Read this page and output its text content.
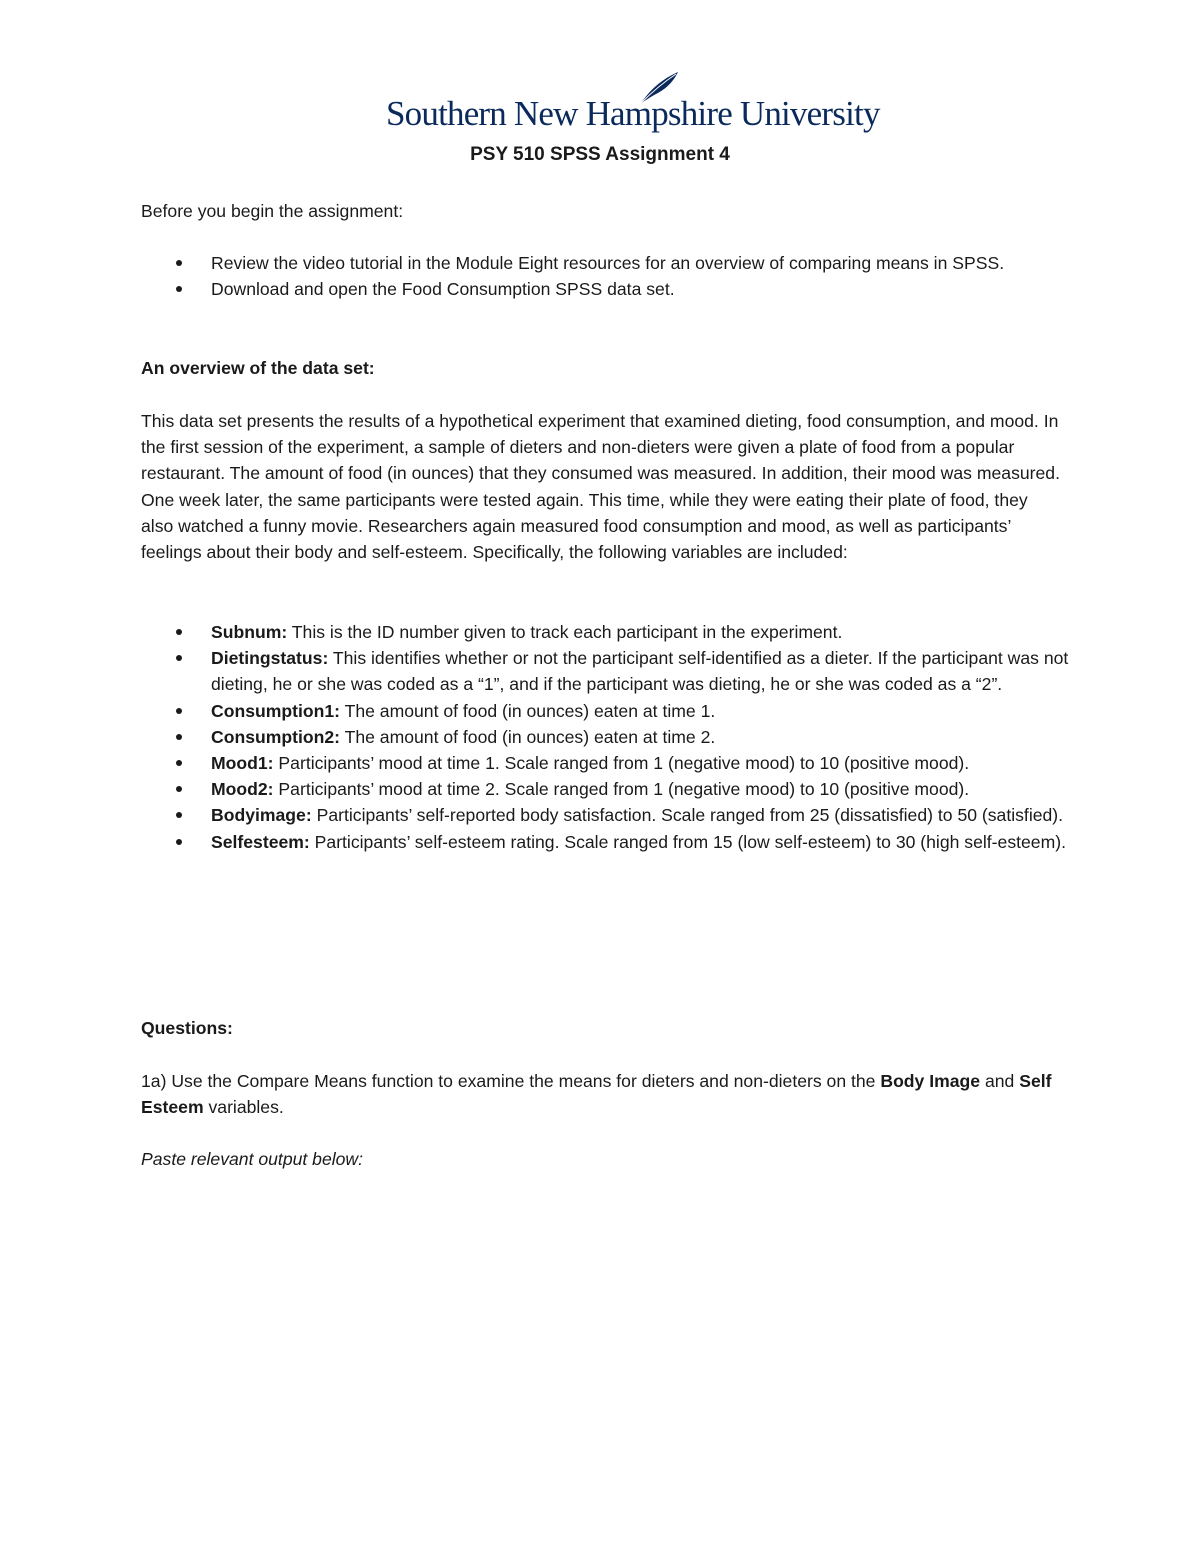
Southern New Hampshire University
PSY 510 SPSS Assignment 4
Before you begin the assignment:
Review the video tutorial in the Module Eight resources for an overview of comparing means in SPSS.
Download and open the Food Consumption SPSS data set.
An overview of the data set:
This data set presents the results of a hypothetical experiment that examined dieting, food consumption, and mood. In the first session of the experiment, a sample of dieters and non-dieters were given a plate of food from a popular restaurant. The amount of food (in ounces) that they consumed was measured. In addition, their mood was measured. One week later, the same participants were tested again. This time, while they were eating their plate of food, they also watched a funny movie. Researchers again measured food consumption and mood, as well as participants’ feelings about their body and self-esteem. Specifically, the following variables are included:
Subnum: This is the ID number given to track each participant in the experiment.
Dietingstatus: This identifies whether or not the participant self-identified as a dieter. If the participant was not dieting, he or she was coded as a “1”, and if the participant was dieting, he or she was coded as a “2”.
Consumption1: The amount of food (in ounces) eaten at time 1.
Consumption2: The amount of food (in ounces) eaten at time 2.
Mood1: Participants’ mood at time 1. Scale ranged from 1 (negative mood) to 10 (positive mood).
Mood2: Participants’ mood at time 2. Scale ranged from 1 (negative mood) to 10 (positive mood).
Bodyimage: Participants’ self-reported body satisfaction. Scale ranged from 25 (dissatisfied) to 50 (satisfied).
Selfesteem: Participants’ self-esteem rating. Scale ranged from 15 (low self-esteem) to 30 (high self-esteem).
Questions:
1a) Use the Compare Means function to examine the means for dieters and non-dieters on the Body Image and Self Esteem variables.
Paste relevant output below:
